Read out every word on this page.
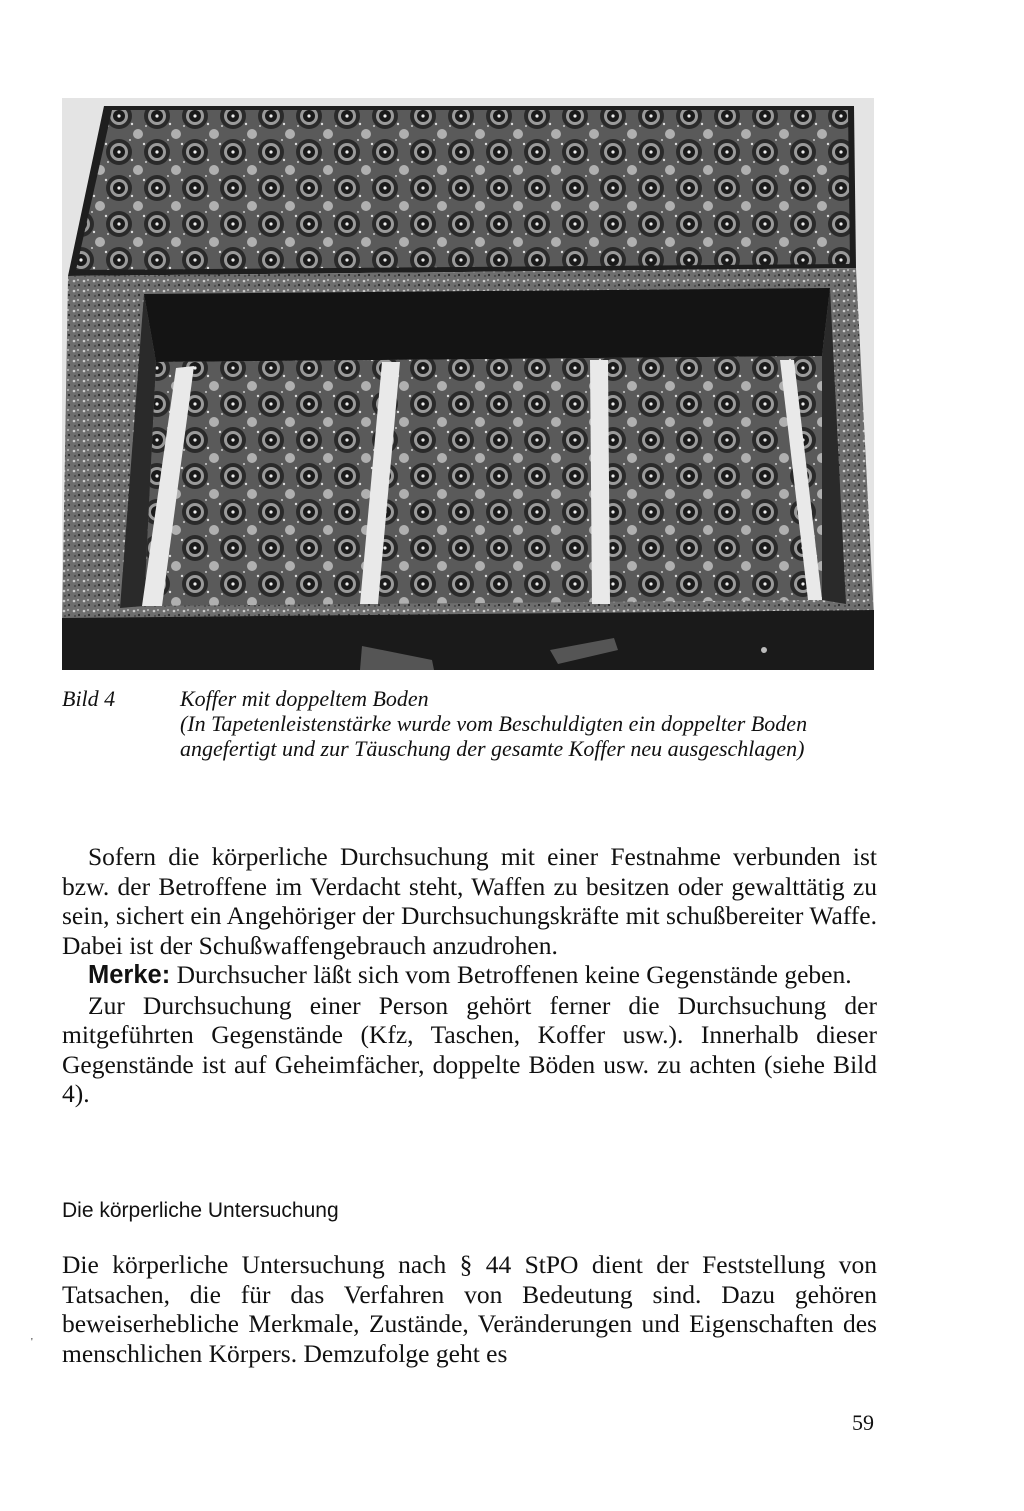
Bild 4	Koffer mit doppeltem Boden
(In Tapetenleistenstärke wurde vom Beschuldigten ein doppelter Boden angefertigt und zur Täuschung der gesamte Koffer neu ausgeschlagen)

Sofern die körperliche Durchsuchung mit einer Festnahme verbunden ist bzw. der Betroffene im Verdacht steht, Waffen zu besitzen oder gewalttätig zu sein, sichert ein Angehöriger der Durchsuchungskräfte mit schußbereiter Waffe. Dabei ist der Schußwaffengebrauch anzudrohen.

Merke: Durchsucher läßt sich vom Betroffenen keine Gegenstände geben.

Zur Durchsuchung einer Person gehört ferner die Durchsuchung der mitgeführten Gegenstände (Kfz, Taschen, Koffer usw.). Innerhalb dieser Gegenstände ist auf Geheimfächer, doppelte Böden usw. zu achten (siehe Bild 4).

Die körperliche Untersuchung

Die körperliche Untersuchung nach § 44 StPO dient der Feststellung von Tatsachen, die für das Verfahren von Bedeutung sind. Dazu gehören beweiserhebliche Merkmale, Zustände, Veränderungen und Eigenschaften des menschlichen Körpers. Demzufolge geht es

'
59
